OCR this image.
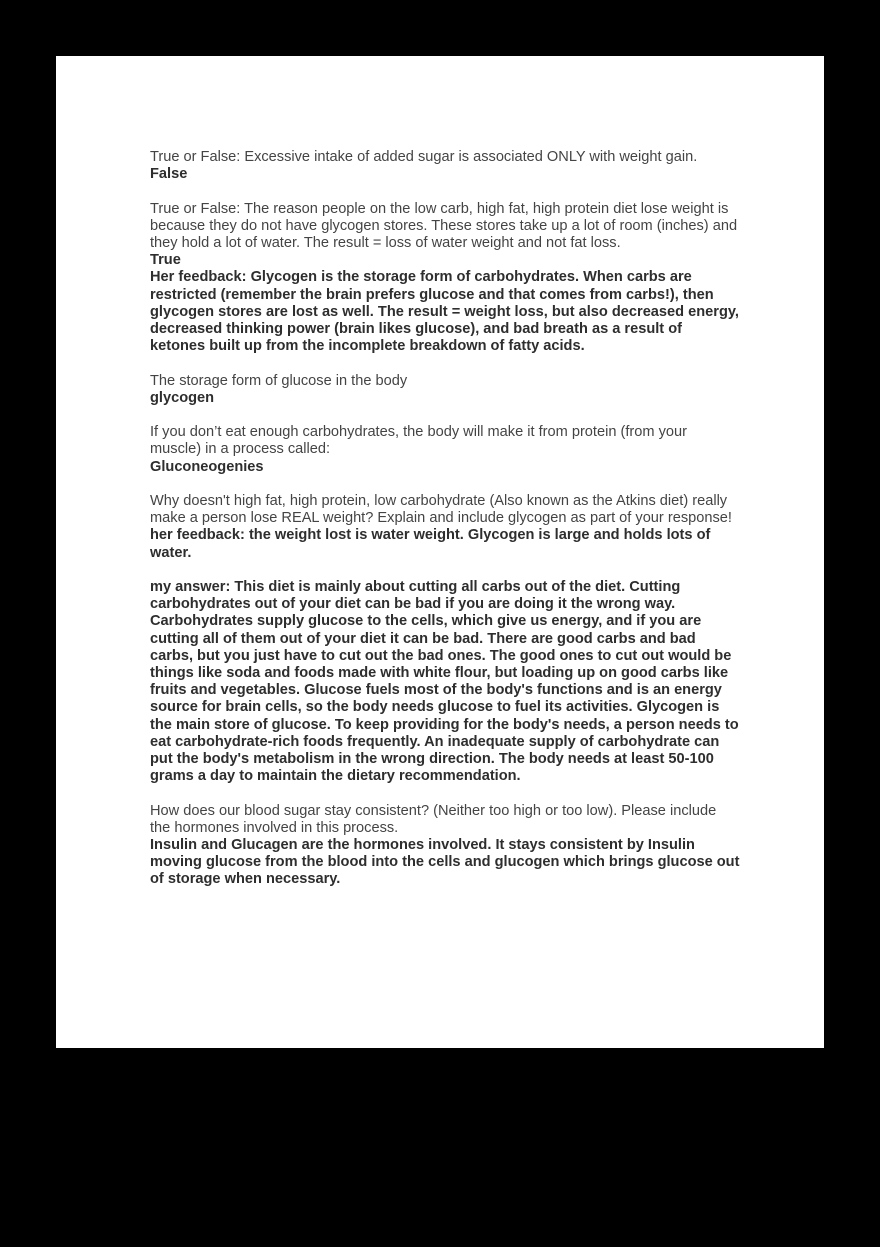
True or False: Excessive intake of added sugar is associated ONLY with weight gain.
False
True or False: The reason people on the low carb, high fat, high protein diet lose weight is because they do not have glycogen stores. These stores take up a lot of room (inches) and they hold a lot of water. The result = loss of water weight and not fat loss.
True
Her feedback: Glycogen is the storage form of carbohydrates. When carbs are restricted (remember the brain prefers glucose and that comes from carbs!), then glycogen stores are lost as well. The result = weight loss, but also decreased energy, decreased thinking power (brain likes glucose), and bad breath as a result of ketones built up from the incomplete breakdown of fatty acids.
The storage form of glucose in the body
glycogen
If you don’t eat enough carbohydrates, the body will make it from protein (from your muscle) in a process called:
Gluconeogenies
Why doesn't high fat, high protein, low carbohydrate (Also known as the Atkins diet) really make a person lose REAL weight? Explain and include glycogen as part of your response!
her feedback: the weight lost is water weight. Glycogen is large and holds lots of water.
my answer: This diet is mainly about cutting all carbs out of the diet. Cutting carbohydrates out of your diet can be bad if you are doing it the wrong way. Carbohydrates supply glucose to the cells, which give us energy, and if you are cutting all of them out of your diet it can be bad. There are good carbs and bad carbs, but you just have to cut out the bad ones. The good ones to cut out would be things like soda and foods made with white flour, but loading up on good carbs like fruits and vegetables. Glucose fuels most of the body's functions and is an energy source for brain cells, so the body needs glucose to fuel its activities. Glycogen is the main store of glucose. To keep providing for the body's needs, a person needs to eat carbohydrate-rich foods frequently. An inadequate supply of carbohydrate can put the body's metabolism in the wrong direction. The body needs at least 50-100 grams a day to maintain the dietary recommendation.
How does our blood sugar stay consistent? (Neither too high or too low). Please include the hormones involved in this process.
Insulin and Glucagen are the hormones involved. It stays consistent by Insulin moving glucose from the blood into the cells and glucogen which brings glucose out of storage when necessary.
